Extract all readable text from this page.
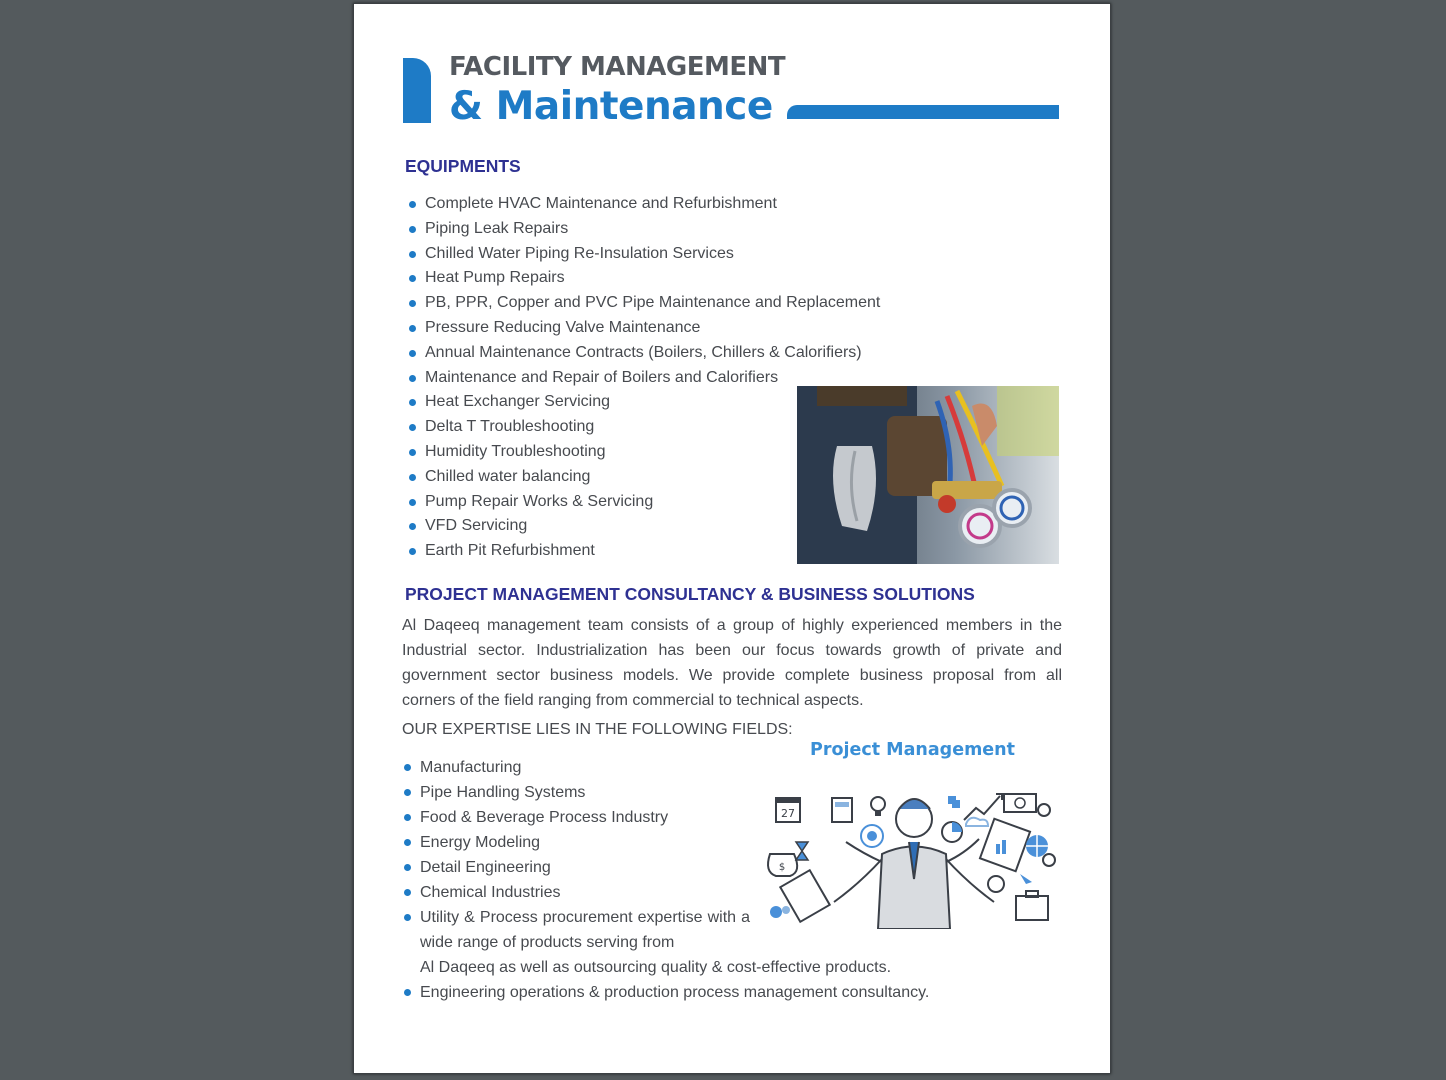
FACILITY MANAGEMENT
& Maintenance
EQUIPMENTS
Complete HVAC Maintenance and Refurbishment
Piping Leak Repairs
Chilled Water Piping Re-Insulation Services
Heat Pump Repairs
PB, PPR, Copper and PVC Pipe Maintenance and Replacement
Pressure Reducing Valve Maintenance
Annual Maintenance Contracts (Boilers, Chillers & Calorifiers)
Maintenance and Repair of Boilers and Calorifiers
Heat Exchanger Servicing
Delta T Troubleshooting
Humidity Troubleshooting
Chilled water balancing
Pump Repair Works & Servicing
VFD Servicing
Earth Pit Refurbishment
PROJECT MANAGEMENT CONSULTANCY & BUSINESS SOLUTIONS
Al Daqeeq management team consists of a group of highly experienced members in the Industrial sector. Industrialization has been our focus towards growth of private and government sector business models. We provide complete business proposal from all corners of the field ranging from commercial to technical aspects.
OUR EXPERTISE LIES IN THE FOLLOWING FIELDS:
Project Management
27
$
Manufacturing
Pipe Handling Systems
Food & Beverage Process Industry
Energy Modeling
Detail Engineering
Chemical Industries
Utility & Process procurement expertise with a wide range of products serving from
Al Daqeeq as well as outsourcing quality & cost-effective products.
Engineering operations & production process management consultancy.
